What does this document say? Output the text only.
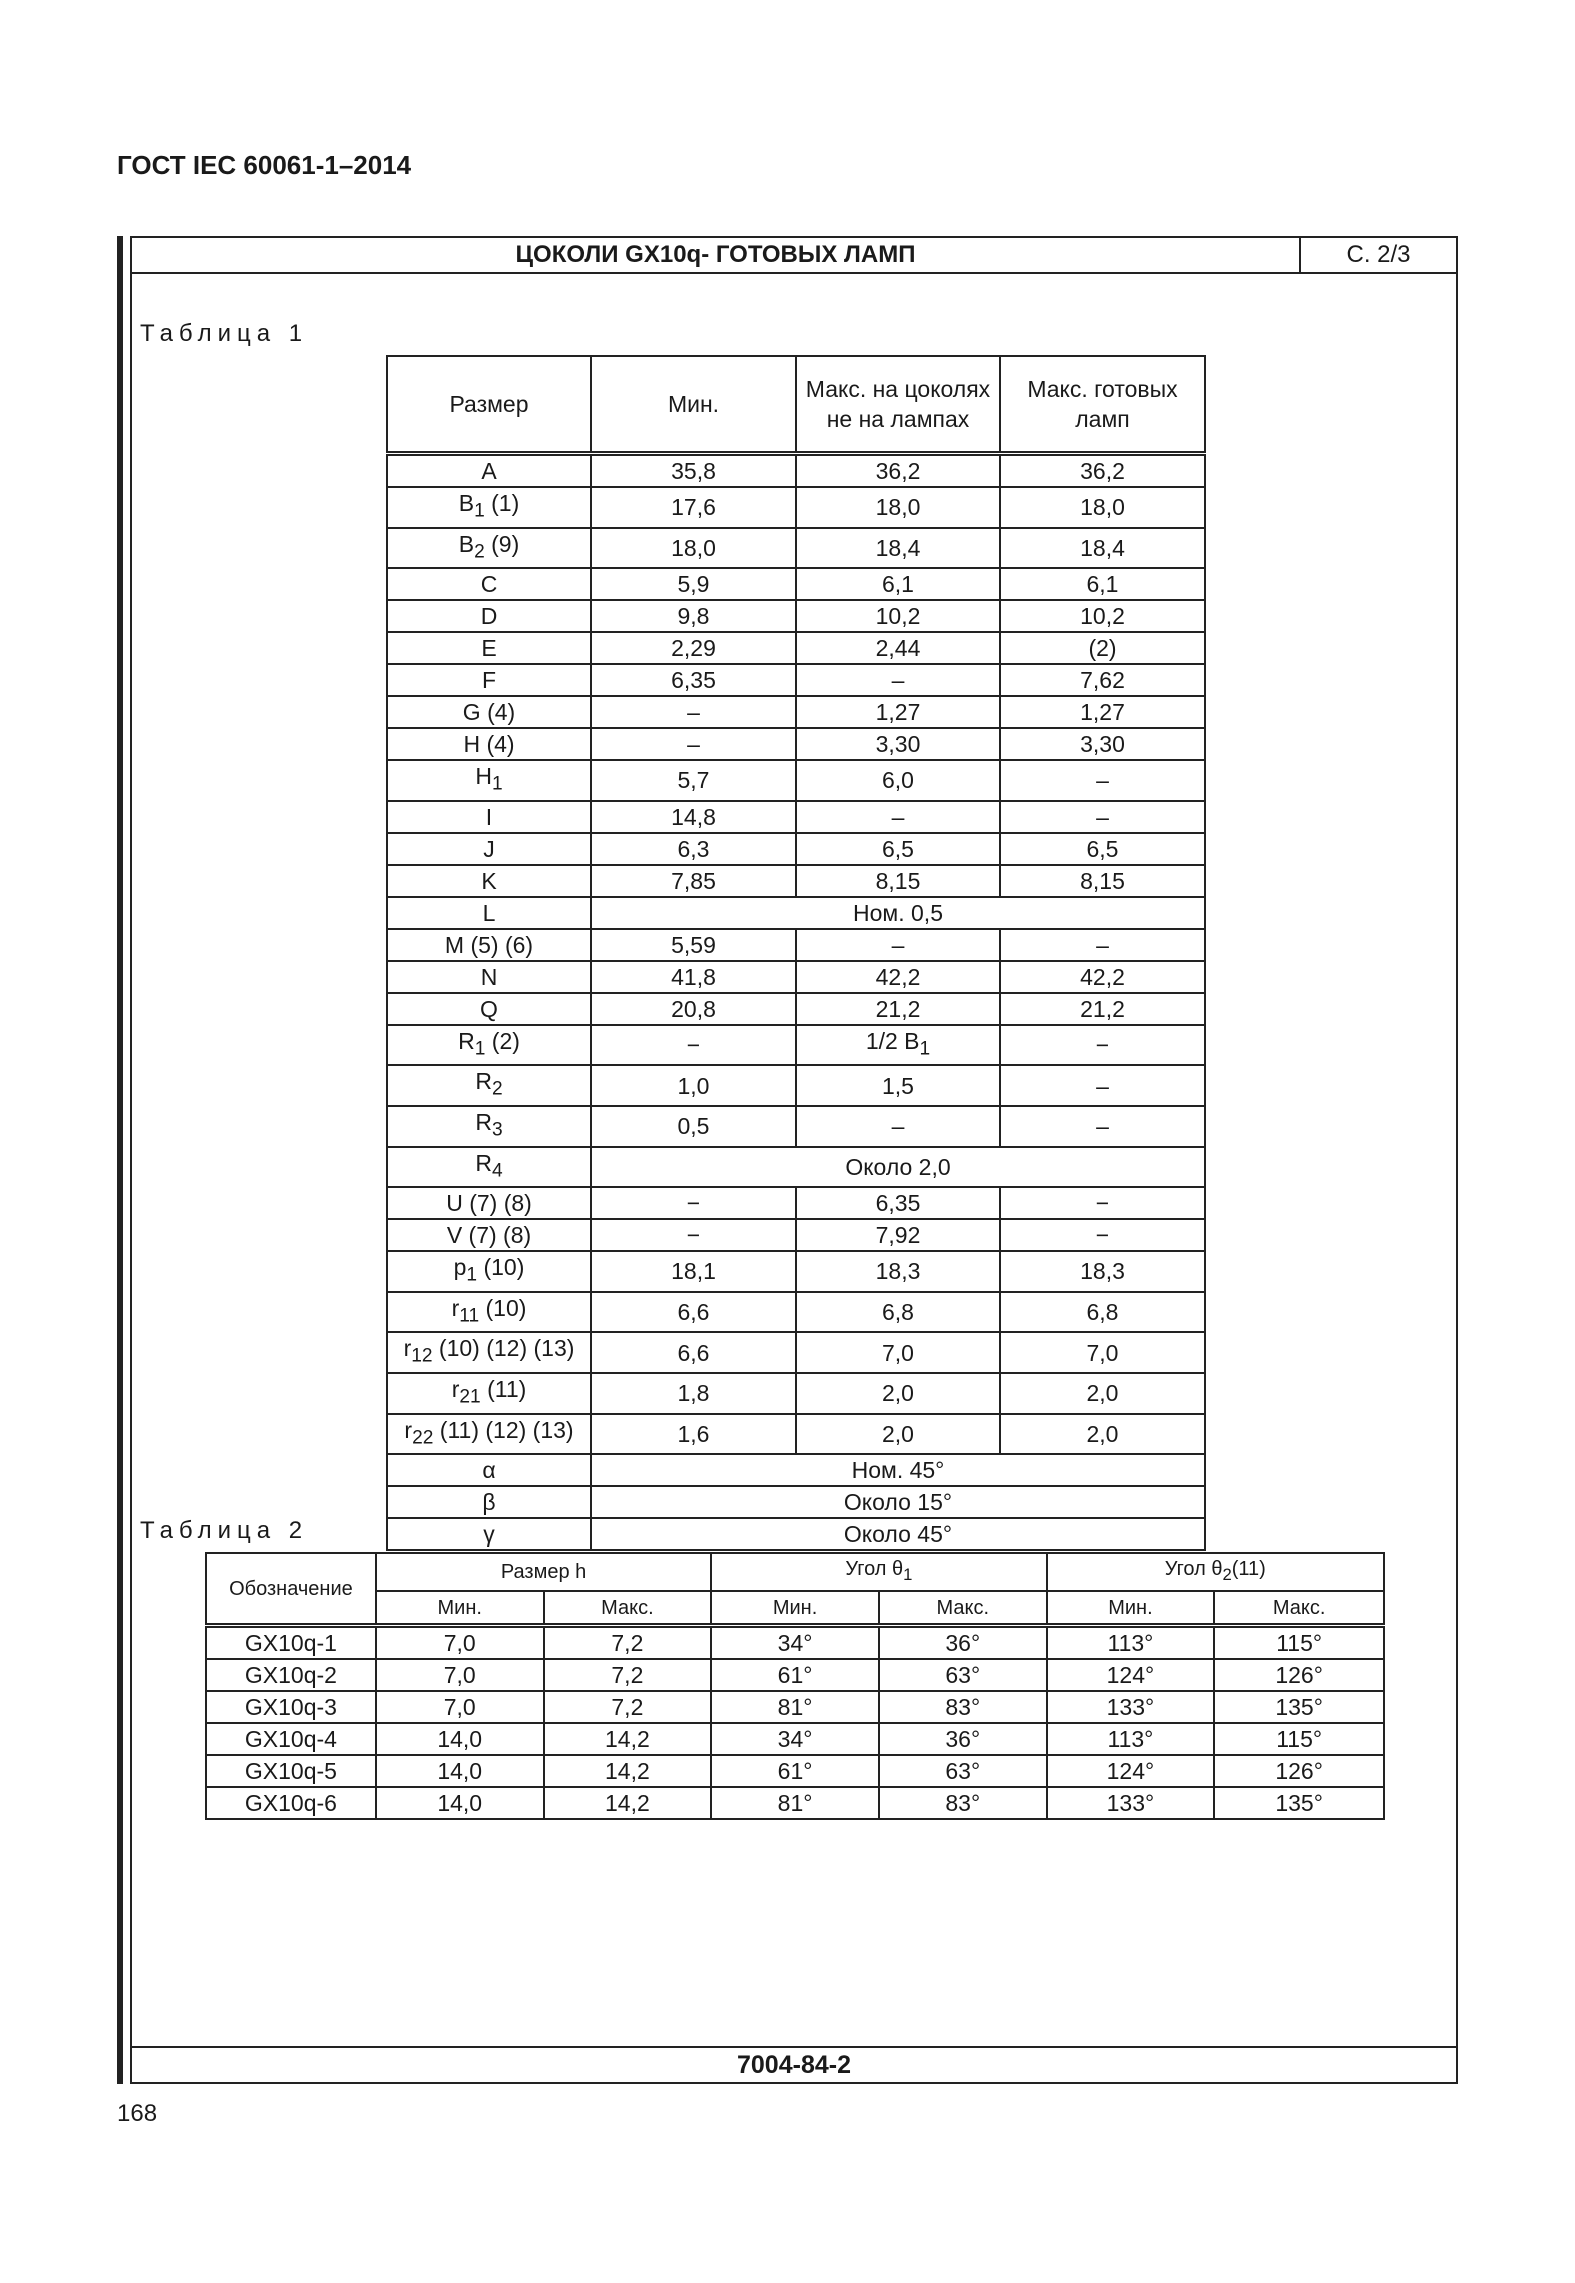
ГОСТ IEC 60061-1–2014
ЦОКОЛИ GX10q- ГОТОВЫХ ЛАМП	С. 2/3
7004-84-2
Таблица 1
Размер	Мин.	Макс. на цоколях не на лампах	Макс. готовых ламп
A	35,8	36,2	36,2
$B_1$ (1)	17,6	18,0	18,0
$B_2$ (9)	18,0	18,4	18,4
C	5,9	6,1	6,1
D	9,8	10,2	10,2
E	2,29	2,44	(2)
F	6,35	–	7,62
G (4)	–	1,27	1,27
H (4)	–	3,30	3,30
$H_1$	5,7	6,0	–
I	14,8	–	–
J	6,3	6,5	6,5
K	7,85	8,15	8,15
L	Ном. 0,5		
M (5) (6)	5,59	–	–
N	41,8	42,2	42,2
Q	20,8	21,2	21,2
$R_1$ (2)	−	1/2 $B_1$	−
$R_2$	1,0	1,5	–
$R_3$	0,5	–	–
$R_4$	Около 2,0		
U (7) (8)	−	6,35	−
V (7) (8)	−	7,92	−
$p_1$ (10)	18,1	18,3	18,3
$r_{11}$ (10)	6,6	6,8	6,8
$r_{12}$ (10) (12) (13)	6,6	7,0	7,0
$r_{21}$ (11)	1,8	2,0	2,0
$r_{22}$ (11) (12) (13)	1,6	2,0	2,0
α	Ном. 45°		
β	Около 15°		
γ	Около 45°		
Таблица 2
Обозначение	Размер h		Угол $\theta_1$		Угол $\theta_2(11)$	
	Мин.	Макс.	Мин.	Макс.	Мин.	Макс.
GX10q-1	7,0	7,2	34°	36°	113°	115°
GX10q-2	7,0	7,2	61°	63°	124°	126°
GX10q-3	7,0	7,2	81°	83°	133°	135°
GX10q-4	14,0	14,2	34°	36°	113°	115°
GX10q-5	14,0	14,2	61°	63°	124°	126°
GX10q-6	14,0	14,2	81°	83°	133°	135°
168
